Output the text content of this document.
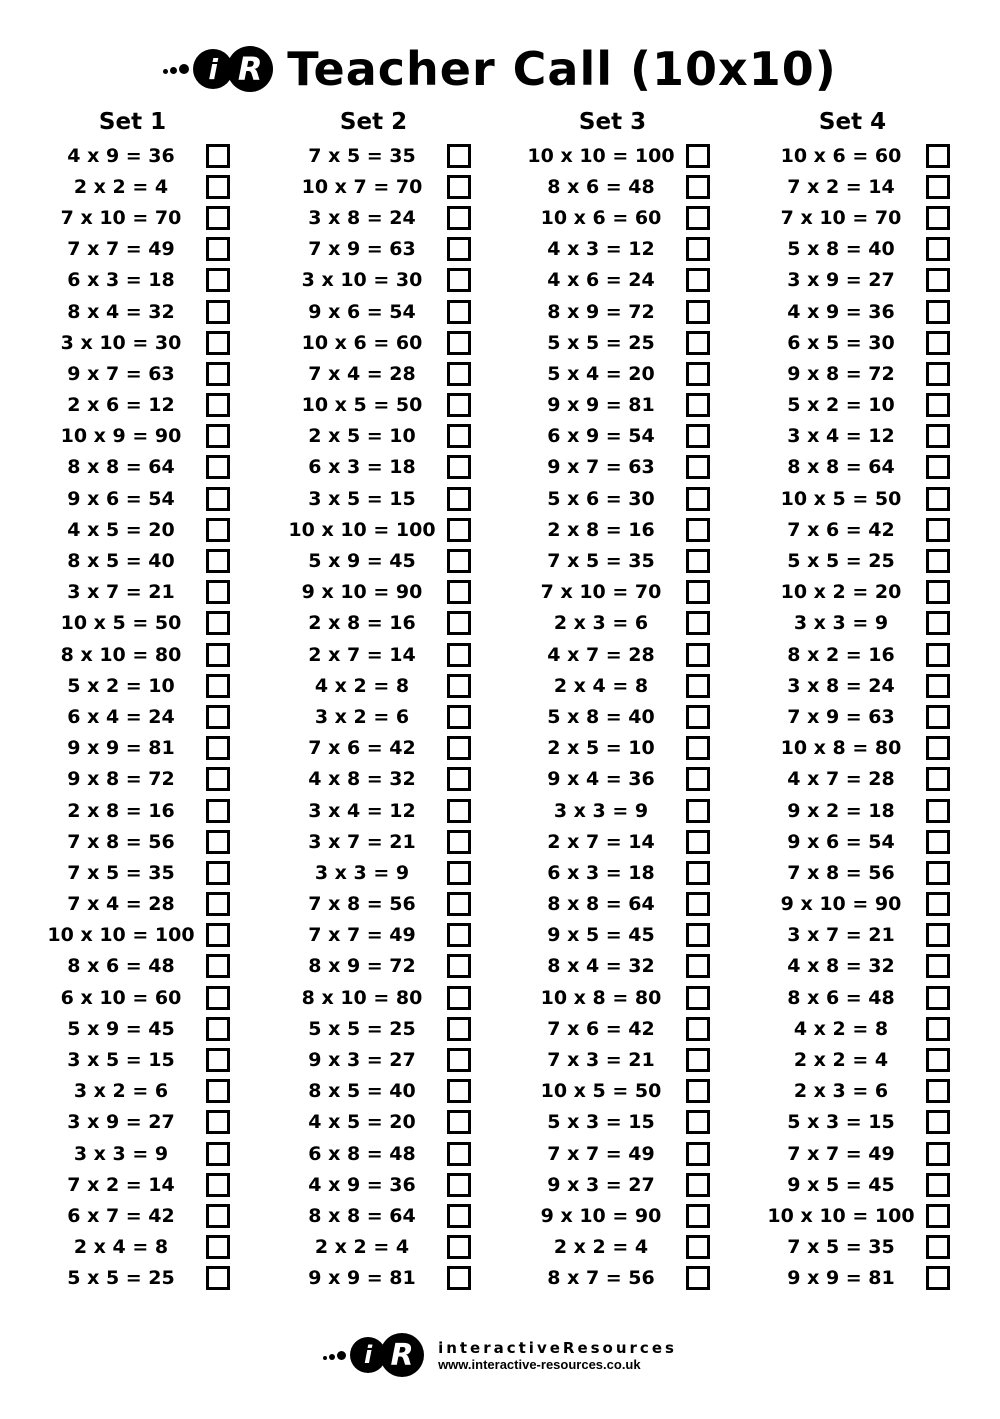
i R Teacher Call (10x10)
Set 1
4 x 9 = 36
2 x 2 = 4
7 x 10 = 70
7 x 7 = 49
6 x 3 = 18
8 x 4 = 32
3 x 10 = 30
9 x 7 = 63
2 x 6 = 12
10 x 9 = 90
8 x 8 = 64
9 x 6 = 54
4 x 5 = 20
8 x 5 = 40
3 x 7 = 21
10 x 5 = 50
8 x 10 = 80
5 x 2 = 10
6 x 4 = 24
9 x 9 = 81
9 x 8 = 72
2 x 8 = 16
7 x 8 = 56
7 x 5 = 35
7 x 4 = 28
10 x 10 = 100
8 x 6 = 48
6 x 10 = 60
5 x 9 = 45
3 x 5 = 15
3 x 2 = 6
3 x 9 = 27
3 x 3 = 9
7 x 2 = 14
6 x 7 = 42
2 x 4 = 8
5 x 5 = 25
Set 2
7 x 5 = 35
10 x 7 = 70
3 x 8 = 24
7 x 9 = 63
3 x 10 = 30
9 x 6 = 54
10 x 6 = 60
7 x 4 = 28
10 x 5 = 50
2 x 5 = 10
6 x 3 = 18
3 x 5 = 15
10 x 10 = 100
5 x 9 = 45
9 x 10 = 90
2 x 8 = 16
2 x 7 = 14
4 x 2 = 8
3 x 2 = 6
7 x 6 = 42
4 x 8 = 32
3 x 4 = 12
3 x 7 = 21
3 x 3 = 9
7 x 8 = 56
7 x 7 = 49
8 x 9 = 72
8 x 10 = 80
5 x 5 = 25
9 x 3 = 27
8 x 5 = 40
4 x 5 = 20
6 x 8 = 48
4 x 9 = 36
8 x 8 = 64
2 x 2 = 4
9 x 9 = 81
Set 3
10 x 10 = 100
8 x 6 = 48
10 x 6 = 60
4 x 3 = 12
4 x 6 = 24
8 x 9 = 72
5 x 5 = 25
5 x 4 = 20
9 x 9 = 81
6 x 9 = 54
9 x 7 = 63
5 x 6 = 30
2 x 8 = 16
7 x 5 = 35
7 x 10 = 70
2 x 3 = 6
4 x 7 = 28
2 x 4 = 8
5 x 8 = 40
2 x 5 = 10
9 x 4 = 36
3 x 3 = 9
2 x 7 = 14
6 x 3 = 18
8 x 8 = 64
9 x 5 = 45
8 x 4 = 32
10 x 8 = 80
7 x 6 = 42
7 x 3 = 21
10 x 5 = 50
5 x 3 = 15
7 x 7 = 49
9 x 3 = 27
9 x 10 = 90
2 x 2 = 4
8 x 7 = 56
Set 4
10 x 6 = 60
7 x 2 = 14
7 x 10 = 70
5 x 8 = 40
3 x 9 = 27
4 x 9 = 36
6 x 5 = 30
9 x 8 = 72
5 x 2 = 10
3 x 4 = 12
8 x 8 = 64
10 x 5 = 50
7 x 6 = 42
5 x 5 = 25
10 x 2 = 20
3 x 3 = 9
8 x 2 = 16
3 x 8 = 24
7 x 9 = 63
10 x 8 = 80
4 x 7 = 28
9 x 2 = 18
9 x 6 = 54
7 x 8 = 56
9 x 10 = 90
3 x 7 = 21
4 x 8 = 32
8 x 6 = 48
4 x 2 = 8
2 x 2 = 4
2 x 3 = 6
5 x 3 = 15
7 x 7 = 49
9 x 5 = 45
10 x 10 = 100
7 x 5 = 35
9 x 9 = 81
i R	interactiveResources
www.interactive-resources.co.uk
